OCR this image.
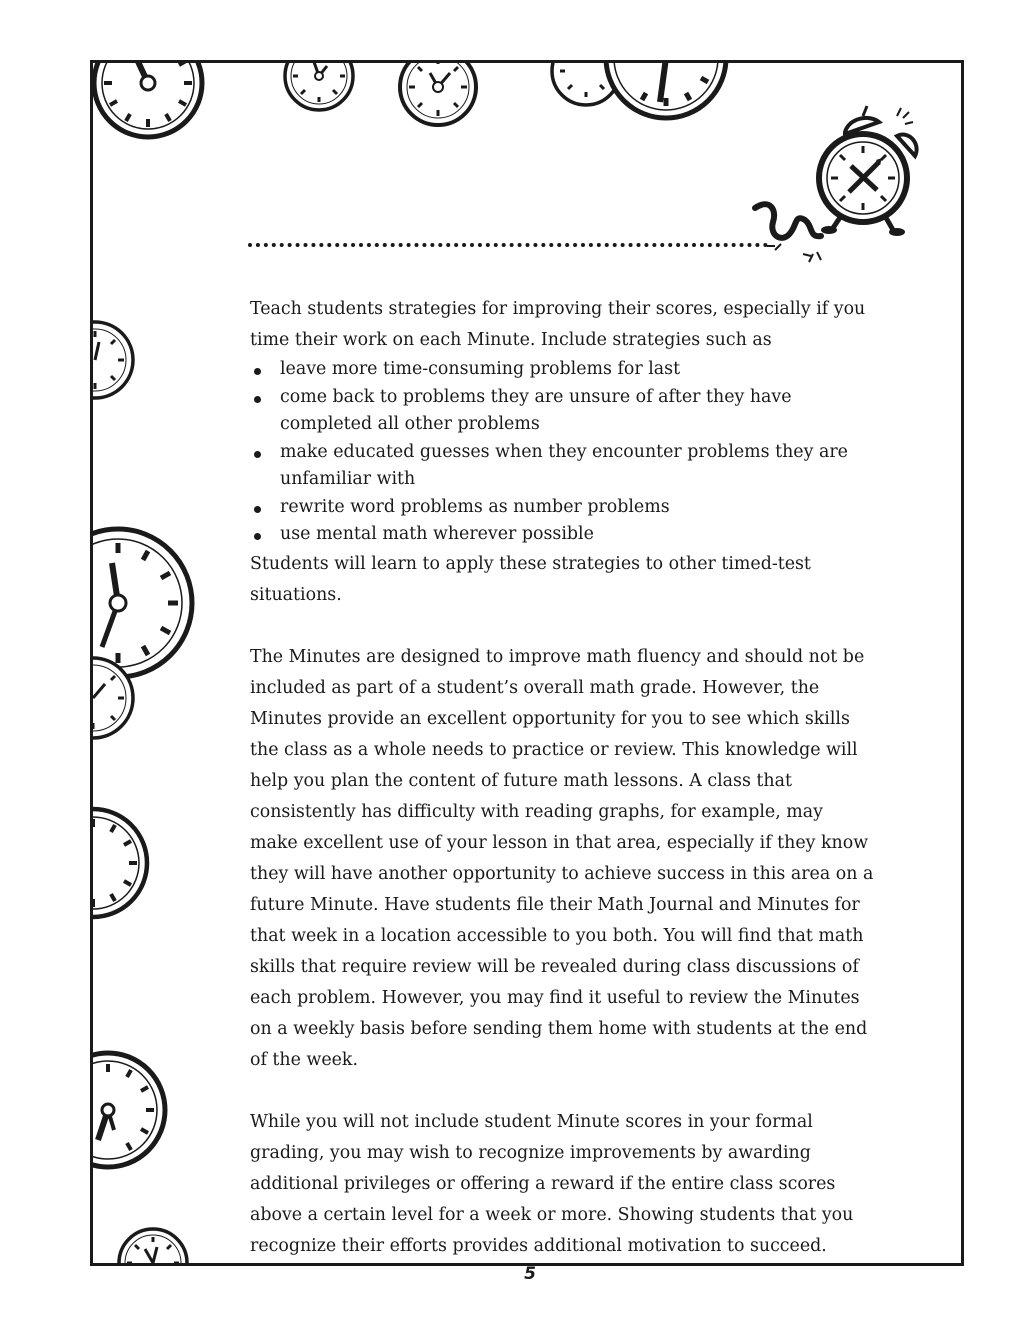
Teach students strategies for improving their scores, especially if you time their work on each Minute. Include strategies such as

leave more time-consuming problems for last
come back to problems they are unsure of after they have completed all other problems
make educated guesses when they encounter problems they are unfamiliar with
rewrite word problems as number problems
use mental math wherever possible

Students will learn to apply these strategies to other timed-test situations.

The Minutes are designed to improve math fluency and should not be included as part of a student’s overall math grade. However, the Minutes provide an excellent opportunity for you to see which skills the class as a whole needs to practice or review. This knowledge will help you plan the content of future math lessons. A class that consistently has difficulty with reading graphs, for example, may make excellent use of your lesson in that area, especially if they know they will have another opportunity to achieve success in this area on a future Minute. Have students file their Math Journal and Minutes for that week in a location accessible to you both. You will find that math skills that require review will be revealed during class discussions of each problem. However, you may find it useful to review the Minutes on a weekly basis before sending them home with students at the end of the week.

While you will not include student Minute scores in your formal grading, you may wish to recognize improvements by awarding additional privileges or offering a reward if the entire class scores above a certain level for a week or more. Showing students that you recognize their efforts provides additional motivation to succeed.

5
